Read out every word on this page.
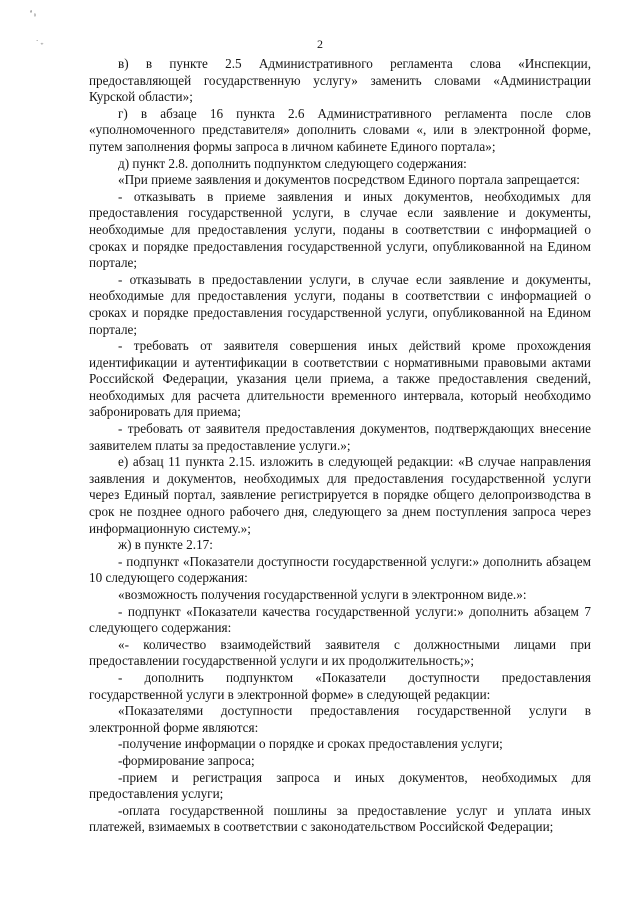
ª ₀
` ₊	2

в) в пункте 2.5 Административного регламента слова «Инспекции, предоставляющей государственную услугу» заменить словами «Администрации Курской области»;

г) в абзаце 16 пункта 2.6 Административного регламента после слов «уполномоченного представителя» дополнить словами «, или в электронной форме, путем заполнения формы запроса в личном кабинете Единого портала»;

д) пункт 2.8. дополнить подпунктом следующего содержания:

«При приеме заявления и документов посредством Единого портала запрещается:

- отказывать в приеме заявления и иных документов, необходимых для предоставления государственной услуги, в случае если заявление и документы, необходимые для предоставления услуги, поданы в соответствии с информацией о сроках и порядке предоставления государственной услуги, опубликованной на Едином портале;

- отказывать в предоставлении услуги, в случае если заявление и документы, необходимые для предоставления услуги, поданы в соответствии с информацией о сроках и порядке предоставления государственной услуги, опубликованной на Едином портале;

- требовать от заявителя совершения иных действий кроме прохождения идентификации и аутентификации в соответствии с нормативными правовыми актами Российской Федерации, указания цели приема, а также предоставления сведений, необходимых для расчета длительности временного интервала, который необходимо забронировать для приема;

- требовать от заявителя предоставления документов, подтверждающих внесение заявителем платы за предоставление услуги.»;

е) абзац 11 пункта 2.15. изложить в следующей редакции: «В случае направления заявления и документов, необходимых для предоставления государственной услуги через Единый портал, заявление регистрируется в порядке общего делопроизводства в срок не позднее одного рабочего дня, следующего за днем поступления запроса через информационную систему.»;

ж) в пункте 2.17:

- подпункт «Показатели доступности государственной услуги:» дополнить абзацем 10 следующего содержания:

«возможность получения государственной услуги в электронном виде.»:

- подпункт «Показатели качества государственной услуги:» дополнить абзацем 7 следующего содержания:

«- количество взаимодействий заявителя с должностными лицами при предоставлении государственной услуги и их продолжительность;»;

- дополнить подпунктом «Показатели доступности предоставления государственной услуги в электронной форме» в следующей редакции:

«Показателями доступности предоставления государственной услуги в электронной форме являются:

-получение информации о порядке и сроках предоставления услуги;

-формирование запроса;

-прием и регистрация запроса и иных документов, необходимых для предоставления услуги;

-оплата государственной пошлины за предоставление услуг и уплата иных платежей, взимаемых в соответствии с законодательством Российской Федерации;
